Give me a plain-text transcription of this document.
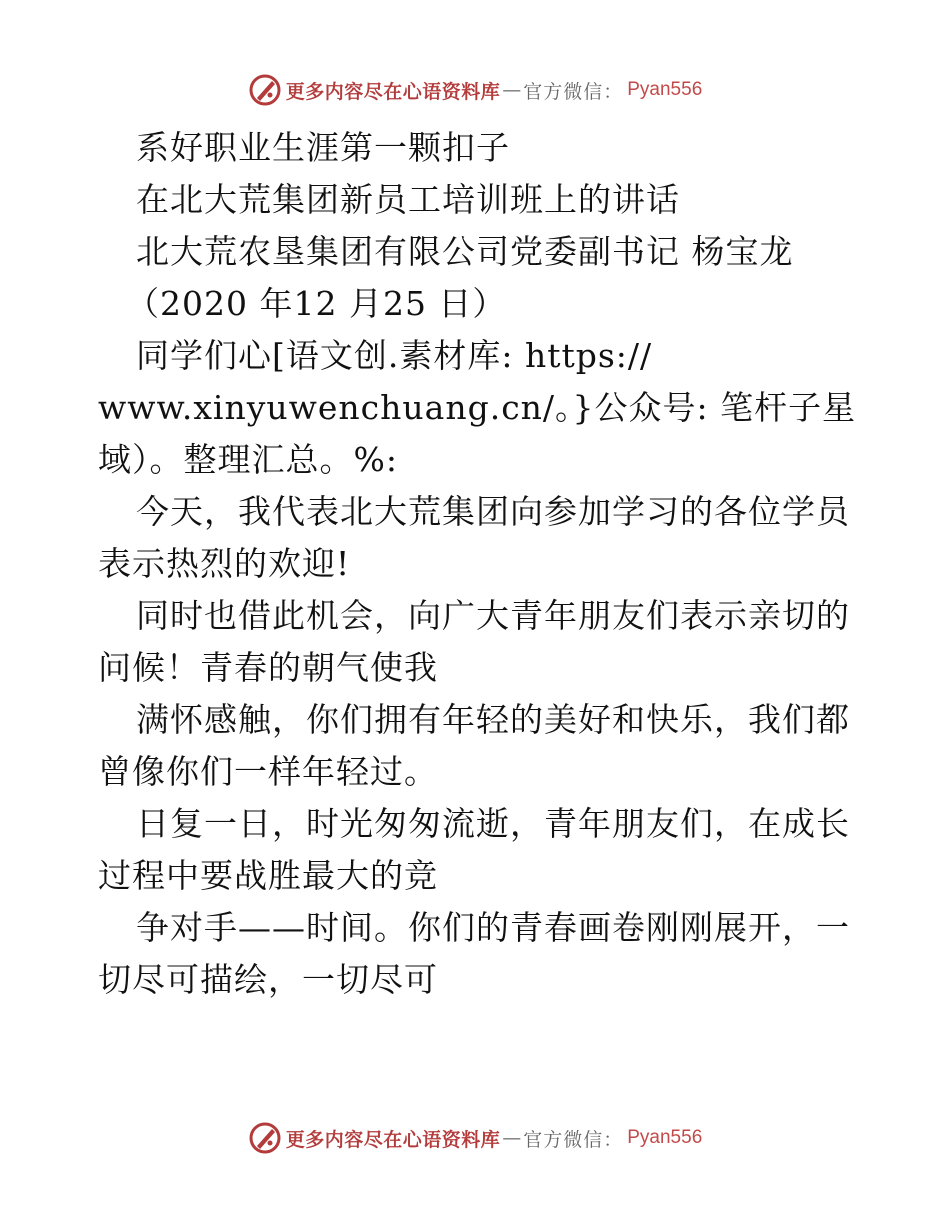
更多内容尽在心语资料库 — 官方微信： Pyan556

系好职业生涯第一颗扣子

在北大荒集团新员工培训班上的讲话

北大荒农垦集团有限公司党委副书记 杨宝龙

（2020 年12 月25 日）

同学们心[语文创.素材库: https://

www.xinyuwenchuang.cn/。}公众号: 笔杆子星

域）。整理汇总。%:

今天，我代表北大荒集团向参加学习的各位学员

表示热烈的欢迎!

同时也借此机会，向广大青年朋友们表示亲切的

问候！青春的朝气使我

满怀感触，你们拥有年轻的美好和快乐，我们都

曾像你们一样年轻过。

日复一日，时光匆匆流逝，青年朋友们，在成长

过程中要战胜最大的竞

争对手——时间。你们的青春画卷刚刚展开，一

切尽可描绘，一切尽可

更多内容尽在心语资料库 — 官方微信： Pyan556
